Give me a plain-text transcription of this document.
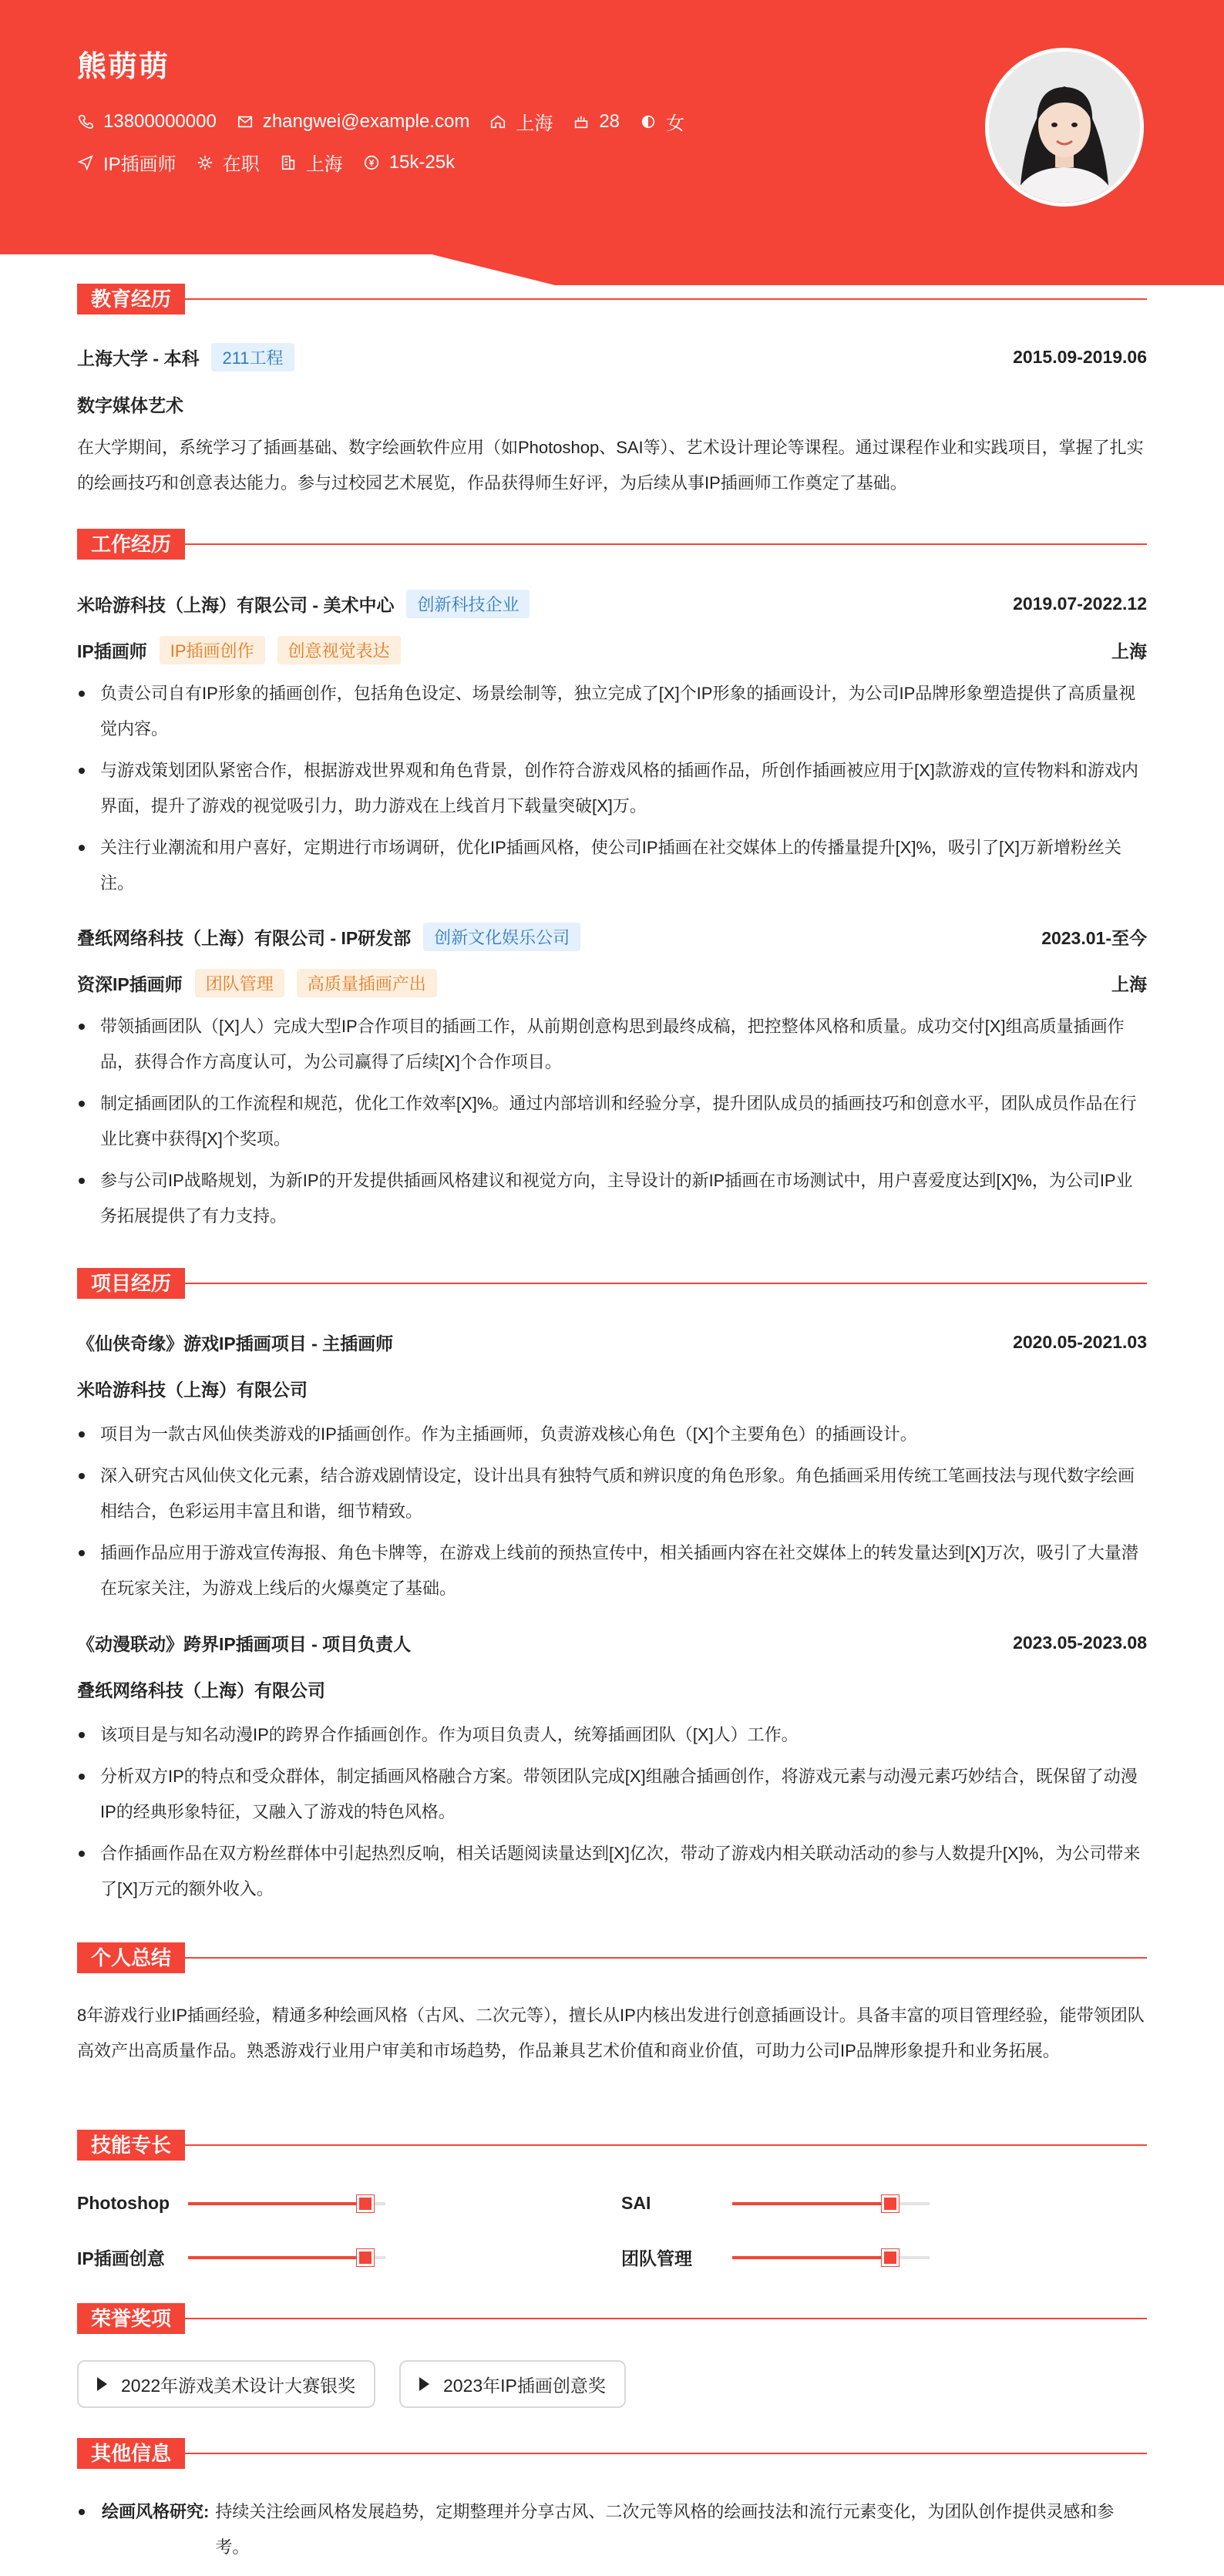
熊萌萌
13800000000	zhangwei@example.com	上海	28	女
IP插画师	在职	上海	15k-25k
教育经历
上海大学 - 本科	211工程	2015.09-2019.06
数字媒体艺术
在大学期间，系统学习了插画基础、数字绘画软件应用（如Photoshop、SAI等）、艺术设计理论等课程。通过课程作业和实践项目，掌握了扎实的绘画技巧和创意表达能力。参与过校园艺术展览，作品获得师生好评，为后续从事IP插画师工作奠定了基础。
工作经历
米哈游科技（上海）有限公司 - 美术中心	创新科技企业	2019.07-2022.12
IP插画师	IP插画创作	创意视觉表达	上海
负责公司自有IP形象的插画创作，包括角色设定、场景绘制等，独立完成了[X]个IP形象的插画设计，为公司IP品牌形象塑造提供了高质量视觉内容。
与游戏策划团队紧密合作，根据游戏世界观和角色背景，创作符合游戏风格的插画作品，所创作插画被应用于[X]款游戏的宣传物料和游戏内界面，提升了游戏的视觉吸引力，助力游戏在上线首月下载量突破[X]万。
关注行业潮流和用户喜好，定期进行市场调研，优化IP插画风格，使公司IP插画在社交媒体上的传播量提升[X]%，吸引了[X]万新增粉丝关注。
叠纸网络科技（上海）有限公司 - IP研发部	创新文化娱乐公司	2023.01-至今
资深IP插画师	团队管理	高质量插画产出	上海
带领插画团队（[X]人）完成大型IP合作项目的插画工作，从前期创意构思到最终成稿，把控整体风格和质量。成功交付[X]组高质量插画作品，获得合作方高度认可，为公司赢得了后续[X]个合作项目。
制定插画团队的工作流程和规范，优化工作效率[X]%。通过内部培训和经验分享，提升团队成员的插画技巧和创意水平，团队成员作品在行业比赛中获得[X]个奖项。
参与公司IP战略规划，为新IP的开发提供插画风格建议和视觉方向，主导设计的新IP插画在市场测试中，用户喜爱度达到[X]%，为公司IP业务拓展提供了有力支持。
项目经历
《仙侠奇缘》游戏IP插画项目 - 主插画师	2020.05-2021.03
米哈游科技（上海）有限公司
项目为一款古风仙侠类游戏的IP插画创作。作为主插画师，负责游戏核心角色（[X]个主要角色）的插画设计。
深入研究古风仙侠文化元素，结合游戏剧情设定，设计出具有独特气质和辨识度的角色形象。角色插画采用传统工笔画技法与现代数字绘画相结合，色彩运用丰富且和谐，细节精致。
插画作品应用于游戏宣传海报、角色卡牌等，在游戏上线前的预热宣传中，相关插画内容在社交媒体上的转发量达到[X]万次，吸引了大量潜在玩家关注，为游戏上线后的火爆奠定了基础。
《动漫联动》跨界IP插画项目 - 项目负责人	2023.05-2023.08
叠纸网络科技（上海）有限公司
该项目是与知名动漫IP的跨界合作插画创作。作为项目负责人，统筹插画团队（[X]人）工作。
分析双方IP的特点和受众群体，制定插画风格融合方案。带领团队完成[X]组融合插画创作，将游戏元素与动漫元素巧妙结合，既保留了动漫IP的经典形象特征，又融入了游戏的特色风格。
合作插画作品在双方粉丝群体中引起热烈反响，相关话题阅读量达到[X]亿次，带动了游戏内相关联动活动的参与人数提升[X]%，为公司带来了[X]万元的额外收入。
个人总结
8年游戏行业IP插画经验，精通多种绘画风格（古风、二次元等），擅长从IP内核出发进行创意插画设计。具备丰富的项目管理经验，能带领团队高效产出高质量作品。熟悉游戏行业用户审美和市场趋势，作品兼具艺术价值和商业价值，可助力公司IP品牌形象提升和业务拓展。
技能专长
Photoshop	SAI
IP插画创意	团队管理
荣誉奖项
2022年游戏美术设计大赛银奖	2023年IP插画创意奖
其他信息
绘画风格研究: 持续关注绘画风格发展趋势，定期整理并分享古风、二次元等风格的绘画技法和流行元素变化，为团队创作提供灵感和参考。
